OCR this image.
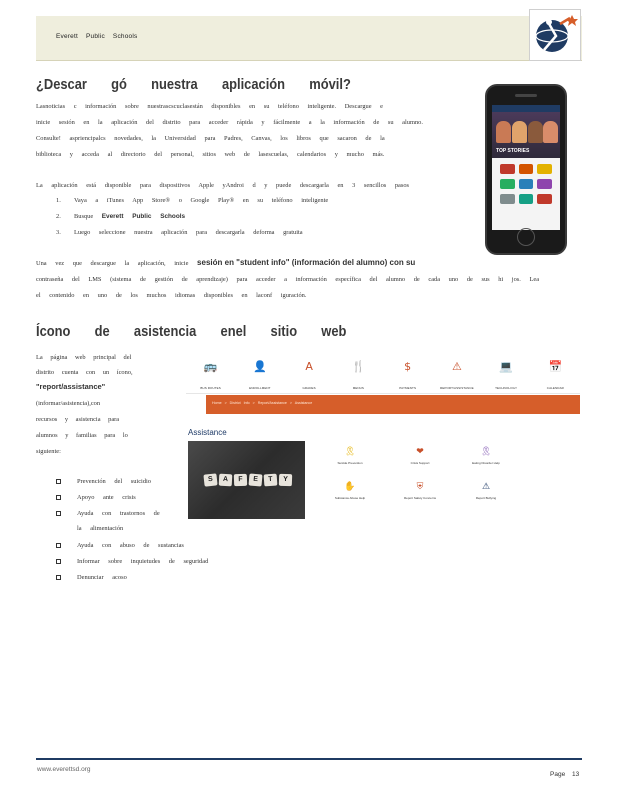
Everett Public Schools
¿Descar gó nuestra aplicación móvil?
Lasnoticias c información sobre nuestrascscuclasestán disponibles en su teléfono inteligente. Descargue e
inicie sesión en la aplicación del distrito para acceder rápida y fácilmente a la información de su alumno.
Consulte! aspriencipalcs novedades, la Universidad para Padres, Canvas, los libros que sacaron de la
biblioteca y acceda al directorio del personal, sitios web de lasescuelas, calendarios y mucho más.
La aplicación está disponible para dispositivos Apple yAndroi d y puede descargarla en 3 sencillos pasos
1. Vaya a iTunes App Store® o Google Play® en su teléfono inteligente
2. Busque Everett Public Schools
3. Luego seleccione nuestra aplicación para descargarla deforma gratuita
Una vez que descargue la aplicación, inicie sesión en "student info" (información del alumno) con su
contraseña del LMS (sistema de gestión de aprendizaje) para acceder a información específica del alumno de cada uno de sus hi jos. Lea
el contenido en uno de los muchos idiomas disponibles en laconf iguración.
TOP STORIES
Ícono de asistencia enel sitio web
La página web principal del
distrito cuenta con un ícono,
"report/assistance"
(informar/asistencia),con
recursos y asistencia para
alumnos y familias para lo
siguiente:
Prevención del suicidio
Apoyo ante crisis
Ayuda con trastornos de
la alimentación
Ayuda con abuso de sustancias
Informar sobre inquietudes de seguridad
Denunciar acoso
🚌
BUS ROUTES
👤
ENROLLMENT
A
GRADES
🍴
MENUS
$
PAYMENTS
⚠
REPORT/ASSISTANCE
💻
TECHNOLOGY
📅
CALENDAR
Home > District Info > Report/Assistance > Assistance
Assistance
S	A	F	E	T	Y
🎗
Suicide Prevention
❤
Crisis Support
🎗
Eating Disorder Help
✋
Substance Abuse Help
⛨
Report Safety Concerns
⚠
Report Bullying
www.everettsd.org
Page 13
